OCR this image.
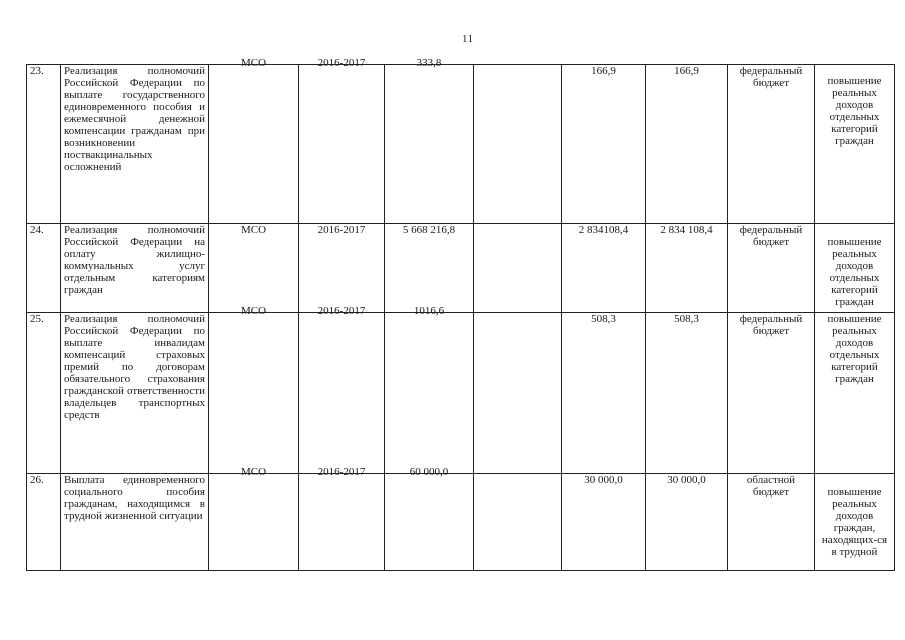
11
23.	Реализация полномочий Российской Федерации по выплате государственного единовременного пособия и ежемесячной денежной компенсации гражданам при возникновении поствакцинальных осложнений	МСО	2016-2017	333,8		166,9	166,9	федеральный бюджет	повышение реальных доходов отдельных категорий граждан

24.	Реализация полномочий Российской Федерации на оплату жилищно-коммунальных услуг отдельным категориям граждан	МСО	2016-2017	5 668 216,8		2 834108,4	2 834 108,4	федеральный бюджет	повышение реальных доходов отдельных категорий граждан

25.	Реализация полномочий Российской Федерации по выплате инвалидам компенсаций страховых премий по договорам обязательного страхования гражданской ответственности владельцев транспортных средств	МСО	2016-2017	1016,6		508,3	508,3	федеральный бюджет	повышение реальных доходов отдельных категорий граждан

26.	Выплата единовременного социального пособия гражданам, находящимся в трудной жизненной ситуации	МСО	2016-2017	60 000,0		30 000,0	30 000,0	областной бюджет	повышение реальных доходов граждан, находящих-ся в трудной
